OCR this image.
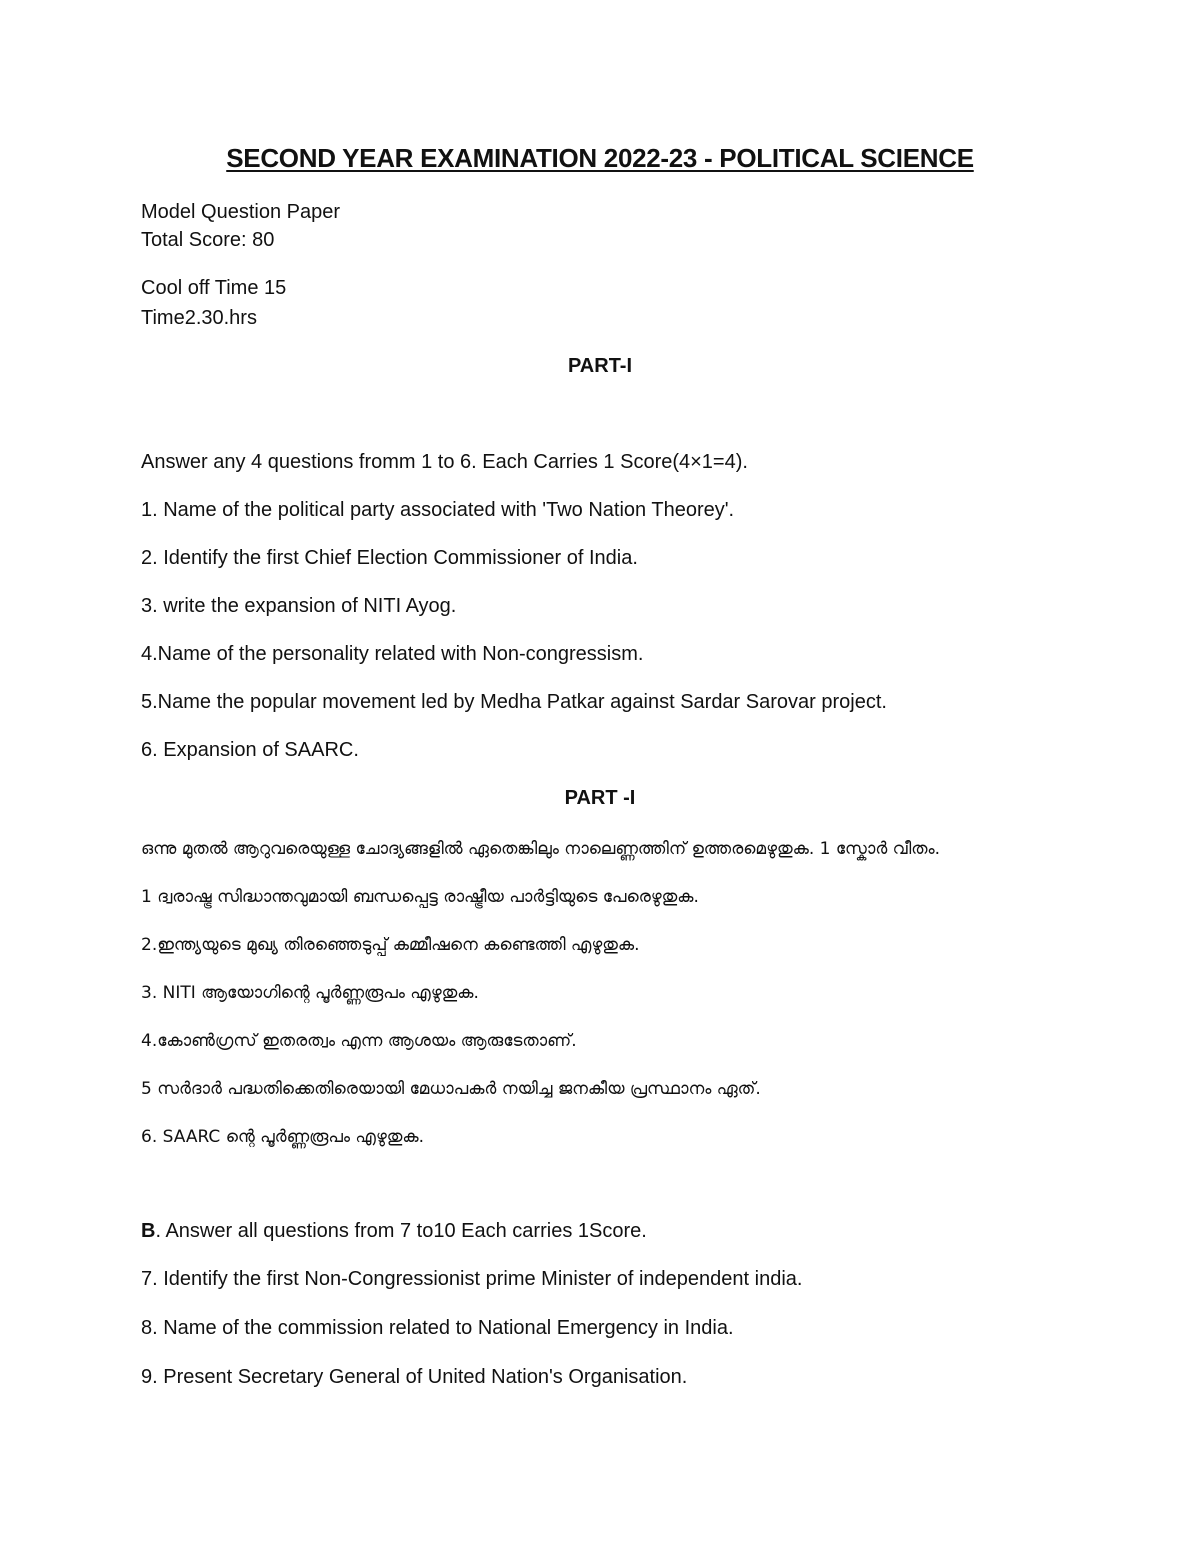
SECOND YEAR EXAMINATION 2022-23 - POLITICAL SCIENCE
Model Question Paper
Total Score: 80
Cool off Time 15
Time2.30.hrs
PART-I
Answer any 4 questions fromm 1 to 6. Each Carries 1 Score(4×1=4).
1. Name of the political party associated with 'Two Nation Theorey'.
2. Identify the first Chief Election Commissioner of India.
3. write the expansion of NITI Ayog.
4.Name of the personality related with Non-congressism.
5.Name the popular movement led by Medha Patkar against Sardar Sarovar project.
6. Expansion of SAARC.
PART -I
ഒന്നു മുതൽ ആറുവരെയുള്ള ചോദ്യങ്ങളിൽ ഏതെങ്കിലും നാലെണ്ണത്തിന് ഉത്തരമെഴുതുക. 1 സ്കോർ വീതം.
1 ദ്വരാഷ്ട്ര സിദ്ധാന്തവുമായി ബന്ധപ്പെട്ട രാഷ്ട്രീയ പാർട്ടിയുടെ പേരെഴുതുക.
2.ഇന്ത്യയുടെ മുഖ്യ തിരഞ്ഞെടുപ്പ് കമ്മീഷനെ കണ്ടെത്തി എഴുതുക.
3. NITI ആയോഗിന്റെ പൂർണ്ണരൂപം എഴുതുക.
4.കോൺഗ്രസ് ഇതരത്വം എന്ന ആശയം ആരുടേതാണ്.
5 സർദാർ പദ്ധതിക്കെതിരെയായി മേധാപകർ നയിച്ച ജനകീയ പ്രസ്ഥാനം ഏത്.
6. SAARC ന്റെ പൂർണ്ണരൂപം എഴുതുക.
B. Answer all questions from 7 to10 Each carries 1Score.
7. Identify the first Non-Congressionist prime Minister of independent india.
8. Name of the commission related to National Emergency in India.
9. Present Secretary General of United Nation's Organisation.
